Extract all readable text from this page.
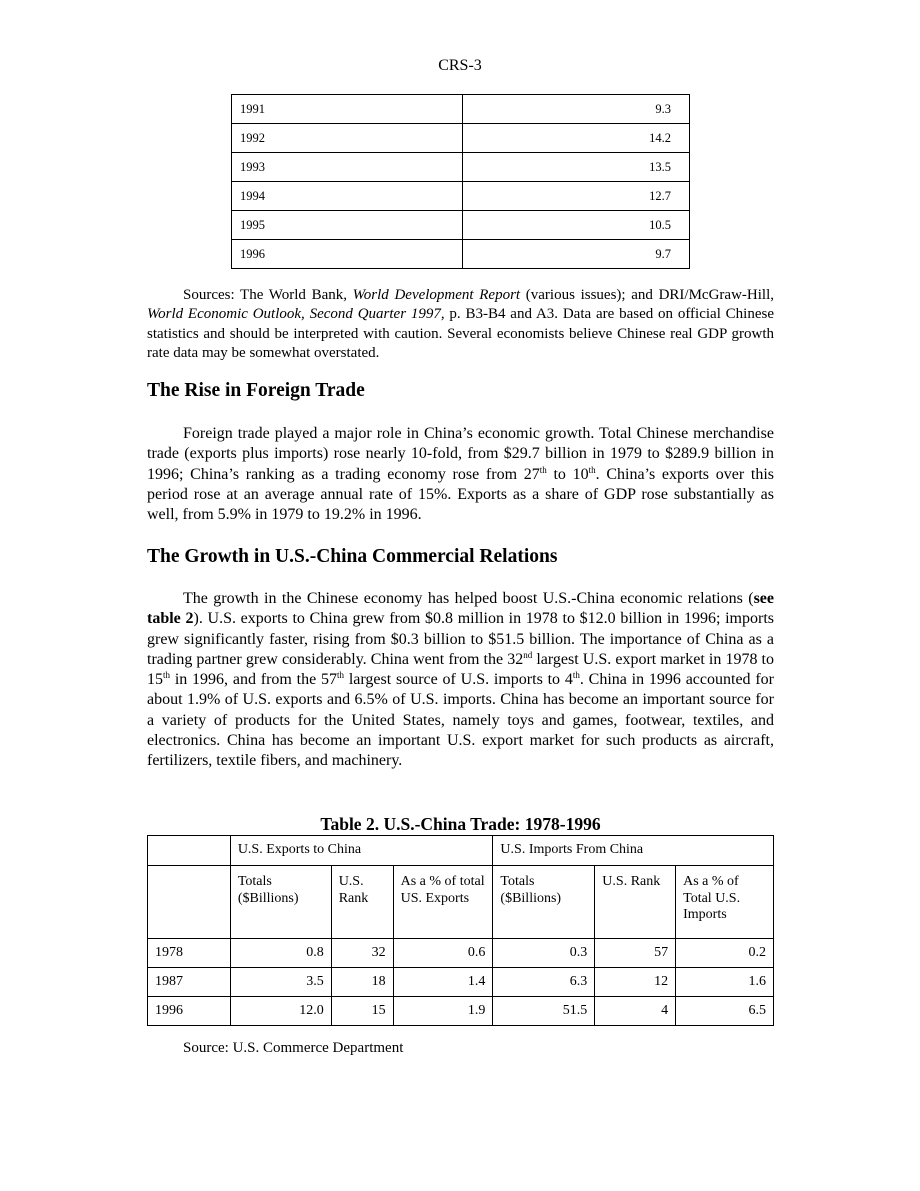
CRS-3
1991	9.3
1992	14.2
1993	13.5
1994	12.7
1995	10.5
1996	9.7

Sources: The World Bank, World Development Report (various issues); and DRI/McGraw-Hill, World Economic Outlook, Second Quarter 1997, p. B3-B4 and A3. Data are based on official Chinese statistics and should be interpreted with caution. Several economists believe Chinese real GDP growth rate data may be somewhat overstated.

The Rise in Foreign Trade

Foreign trade played a major role in China’s economic growth. Total Chinese merchandise trade (exports plus imports) rose nearly 10-fold, from $29.7 billion in 1979 to $289.9 billion in 1996; China’s ranking as a trading economy rose from 27th to 10th. China’s exports over this period rose at an average annual rate of 15%. Exports as a share of GDP rose substantially as well, from 5.9% in 1979 to 19.2% in 1996.

The Growth in U.S.-China Commercial Relations

The growth in the Chinese economy has helped boost U.S.-China economic relations (see table 2). U.S. exports to China grew from $0.8 million in 1978 to $12.0 billion in 1996; imports grew significantly faster, rising from $0.3 billion to $51.5 billion. The importance of China as a trading partner grew considerably. China went from the 32nd largest U.S. export market in 1978 to 15th in 1996, and from the 57th largest source of U.S. imports to 4th. China in 1996 accounted for about 1.9% of U.S. exports and 6.5% of U.S. imports. China has become an important source for a variety of products for the United States, namely toys and games, footwear, textiles, and electronics. China has become an important U.S. export market for such products as aircraft, fertilizers, textile fibers, and machinery.

Table 2. U.S.-China Trade: 1978-1996
	U.S. Exports to China			U.S. Imports From China		
	Totals ($Billions)	U.S. Rank	As a % of total US. Exports	Totals ($Billions)	U.S. Rank	As a % of Total U.S. Imports
1978	0.8	32	0.6	0.3	57	0.2
1987	3.5	18	1.4	6.3	12	1.6
1996	12.0	15	1.9	51.5	4	6.5
Source: U.S. Commerce Department
